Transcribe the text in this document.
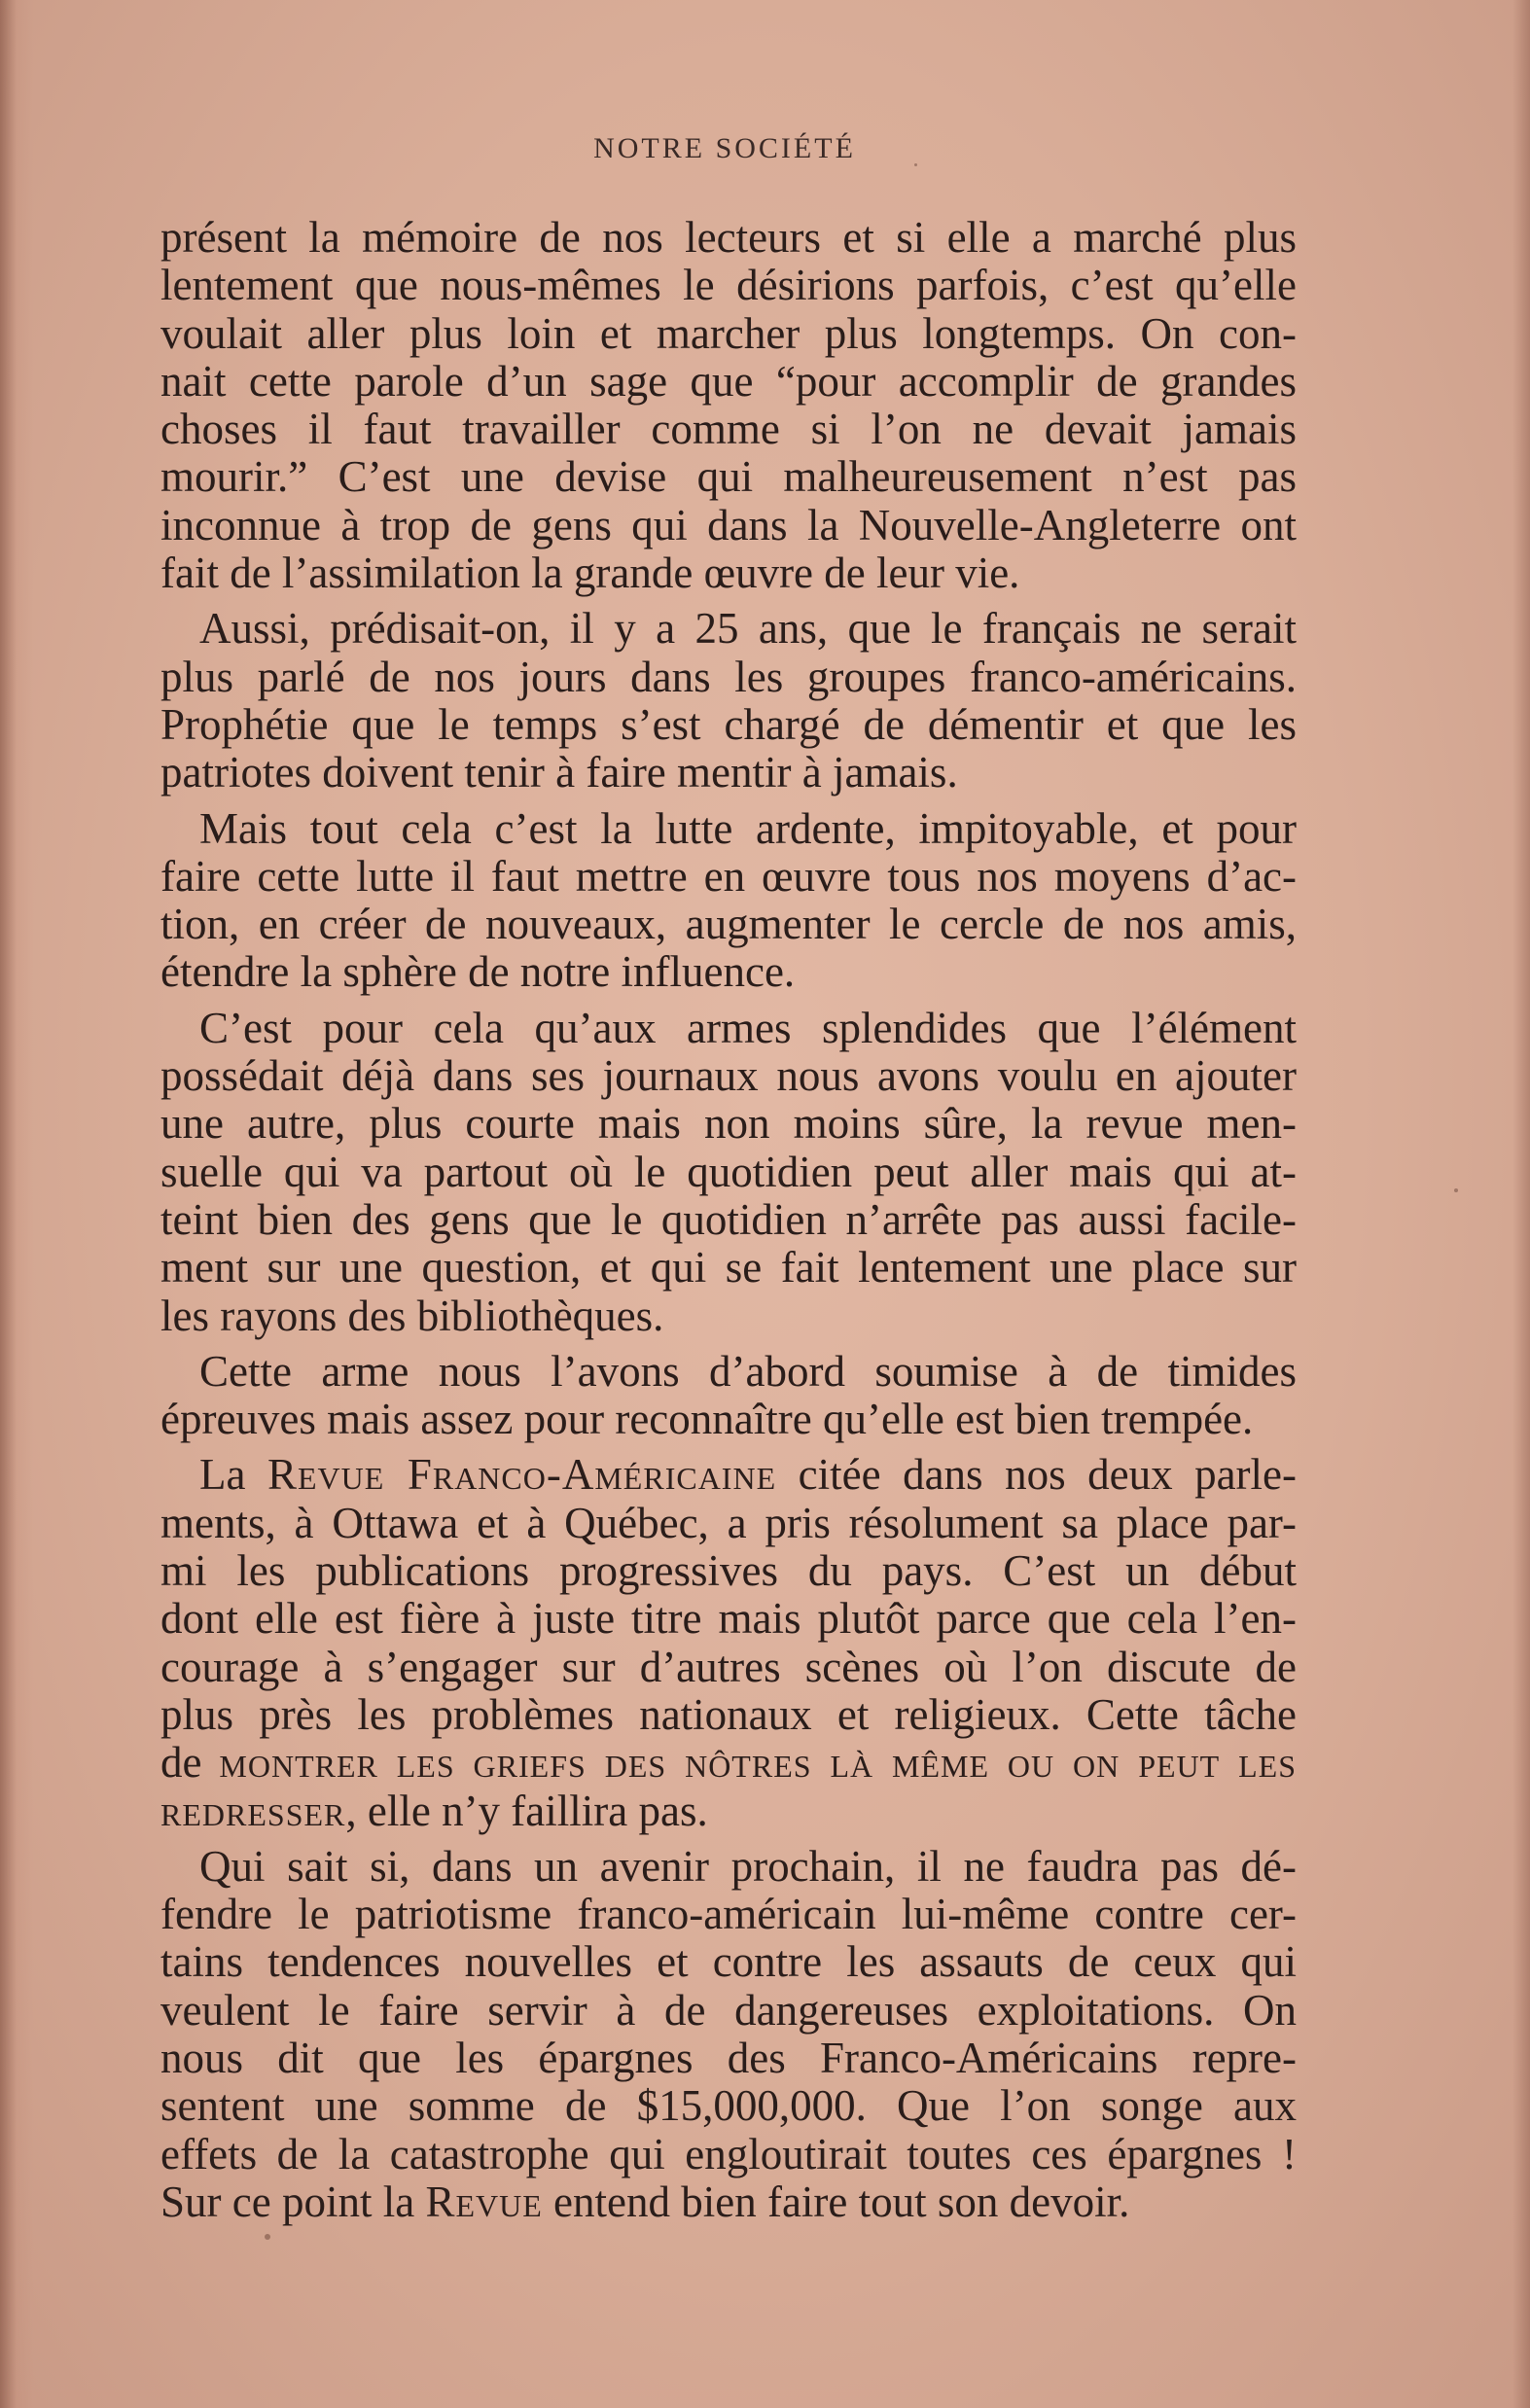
NOTRE SOCIÉTÉ
présent la mémoire de nos lecteurs et si elle a marché plus
lentement que nous-mêmes le désirions parfois, c’est qu’elle
voulait aller plus loin et marcher plus longtemps. On con-
nait cette parole d’un sage que “pour accomplir de grandes
choses il faut travailler comme si l’on ne devait jamais
mourir.” C’est une devise qui malheureusement n’est pas
inconnue à trop de gens qui dans la Nouvelle-Angleterre ont
fait de l’assimilation la grande œuvre de leur vie.
Aussi, prédisait-on, il y a 25 ans, que le français ne serait
plus parlé de nos jours dans les groupes franco-américains.
Prophétie que le temps s’est chargé de démentir et que les
patriotes doivent tenir à faire mentir à jamais.
Mais tout cela c’est la lutte ardente, impitoyable, et pour
faire cette lutte il faut mettre en œuvre tous nos moyens d’ac-
tion, en créer de nouveaux, augmenter le cercle de nos amis,
étendre la sphère de notre influence.
C’est pour cela qu’aux armes splendides que l’élément
possédait déjà dans ses journaux nous avons voulu en ajouter
une autre, plus courte mais non moins sûre, la revue men-
suelle qui va partout où le quotidien peut aller mais qui at-
teint bien des gens que le quotidien n’arrête pas aussi facile-
ment sur une question, et qui se fait lentement une place sur
les rayons des bibliothèques.
Cette arme nous l’avons d’abord soumise à de timides
épreuves mais assez pour reconnaître qu’elle est bien trempée.
La Revue Franco-Américaine citée dans nos deux parle-
ments, à Ottawa et à Québec, a pris résolument sa place par-
mi les publications progressives du pays. C’est un début
dont elle est fière à juste titre mais plutôt parce que cela l’en-
courage à s’engager sur d’autres scènes où l’on discute de
plus près les problèmes nationaux et religieux. Cette tâche
de montrer les griefs des nôtres là même ou on peut les
redresser, elle n’y faillira pas.
Qui sait si, dans un avenir prochain, il ne faudra pas dé-
fendre le patriotisme franco-américain lui-même contre cer-
tains tendences nouvelles et contre les assauts de ceux qui
veulent le faire servir à de dangereuses exploitations. On
nous dit que les épargnes des Franco-Américains repre-
sentent une somme de $15,000,000. Que l’on songe aux
effets de la catastrophe qui engloutirait toutes ces épargnes !
Sur ce point la Revue entend bien faire tout son devoir.
